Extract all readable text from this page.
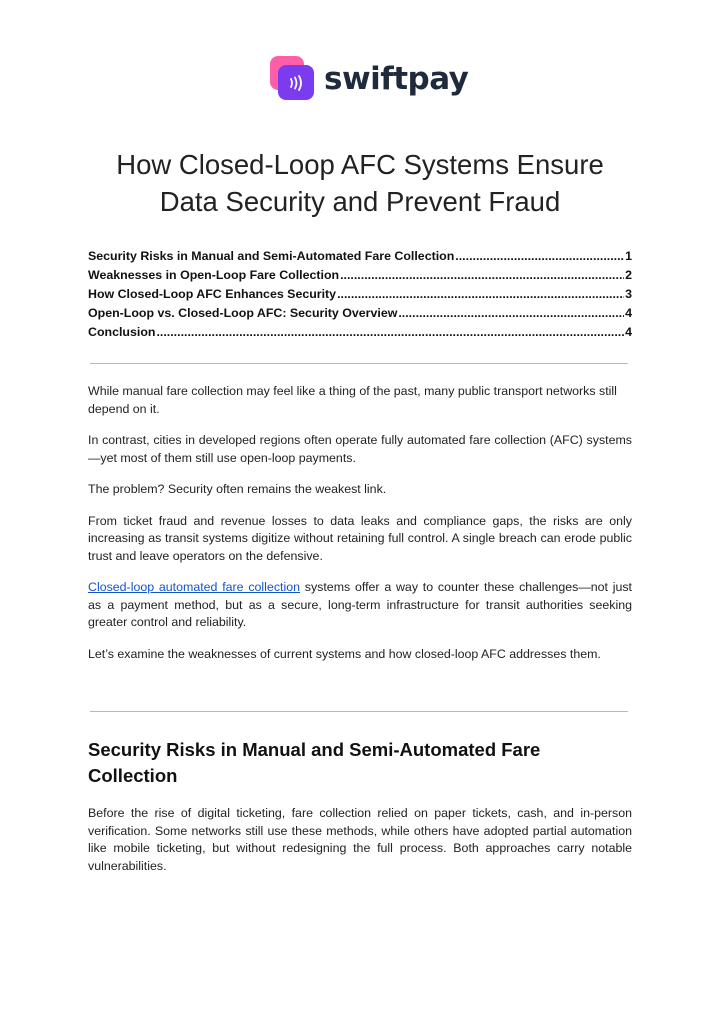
swiftpay
How Closed-Loop AFC Systems Ensure
Data Security and Prevent Fraud
Security Risks in Manual and Semi-Automated Fare Collection .....	1
Weaknesses in Open-Loop Fare Collection .....	2
How Closed-Loop AFC Enhances Security .....	3
Open-Loop vs. Closed-Loop AFC: Security Overview .....	4
Conclusion .....	4

While manual fare collection may feel like a thing of the past, many public transport networks still depend on it.

In contrast, cities in developed regions often operate fully automated fare collection (AFC) systems—yet most of them still use open-loop payments.

The problem? Security often remains the weakest link.

From ticket fraud and revenue losses to data leaks and compliance gaps, the risks are only increasing as transit systems digitize without retaining full control. A single breach can erode public trust and leave operators on the defensive.

Closed-loop automated fare collection systems offer a way to counter these challenges—not just as a payment method, but as a secure, long-term infrastructure for transit authorities seeking greater control and reliability.

Let’s examine the weaknesses of current systems and how closed-loop AFC addresses them.

Security Risks in Manual and Semi-Automated Fare Collection

Before the rise of digital ticketing, fare collection relied on paper tickets, cash, and in-person verification. Some networks still use these methods, while others have adopted partial automation like mobile ticketing, but without redesigning the full process. Both approaches carry notable vulnerabilities.
